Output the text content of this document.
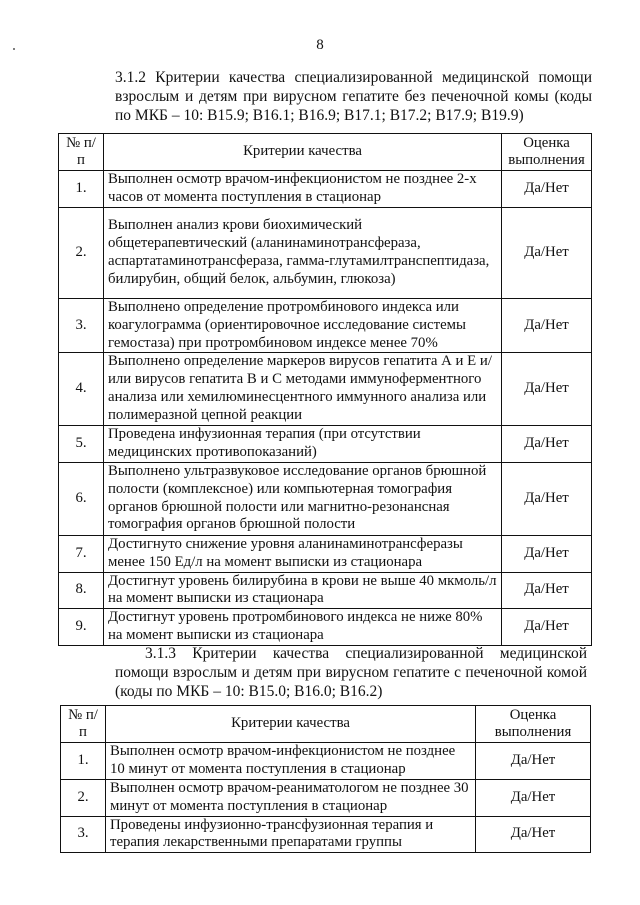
8

3.1.2 Критерии качества специализированной медицинской помощи взрослым и детям при вирусном гепатите без печеночной комы (коды по МКБ – 10: В15.9; В16.1; В16.9; В17.1; В17.2; В17.9; В19.9)

№ п/п	Критерии качества	Оценка выполнения
1.	Выполнен осмотр врачом-инфекционистом не позднее 2-х часов от момента поступления в стационар	Да/Нет
2.	Выполнен анализ крови биохимический общетерапевтический (аланинаминотрансфераза, аспартатаминотрансфераза, гамма-глутамилтранспептидаза, билирубин, общий белок, альбумин, глюкоза)	Да/Нет
3.	Выполнено определение протромбинового индекса или коагулограмма (ориентировочное исследование системы гемостаза) при протромбиновом индексе менее 70%	Да/Нет
4.	Выполнено определение маркеров вирусов гепатита А и Е и/или вирусов гепатита В и С методами иммуноферментного анализа или хемилюминесцентного иммунного анализа или полимеразной цепной реакции	Да/Нет
5.	Проведена инфузионная терапия (при отсутствии медицинских противопоказаний)	Да/Нет
6.	Выполнено ультразвуковое исследование органов брюшной полости (комплексное) или компьютерная томография органов брюшной полости или магнитно-резонансная томография органов брюшной полости	Да/Нет
7.	Достигнуто снижение уровня аланинаминотрансферазы менее 150 Ед/л на момент выписки из стационара	Да/Нет
8.	Достигнут уровень билирубина в крови не выше 40 мкмоль/л на момент выписки из стационара	Да/Нет
9.	Достигнут уровень протромбинового индекса не ниже 80% на момент выписки из стационара	Да/Нет

3.1.3 Критерии качества специализированной медицинской помощи взрослым и детям при вирусном гепатите с печеночной комой (коды по МКБ – 10: В15.0; В16.0; В16.2)

№ п/п	Критерии качества	Оценка выполнения
1.	Выполнен осмотр врачом-инфекционистом не позднее 10 минут от момента поступления в стационар	Да/Нет
2.	Выполнен осмотр врачом-реаниматологом не позднее 30 минут от момента поступления в стационар	Да/Нет
3.	Проведены инфузионно-трансфузионная терапия и терапия лекарственными препаратами группы	Да/Нет
